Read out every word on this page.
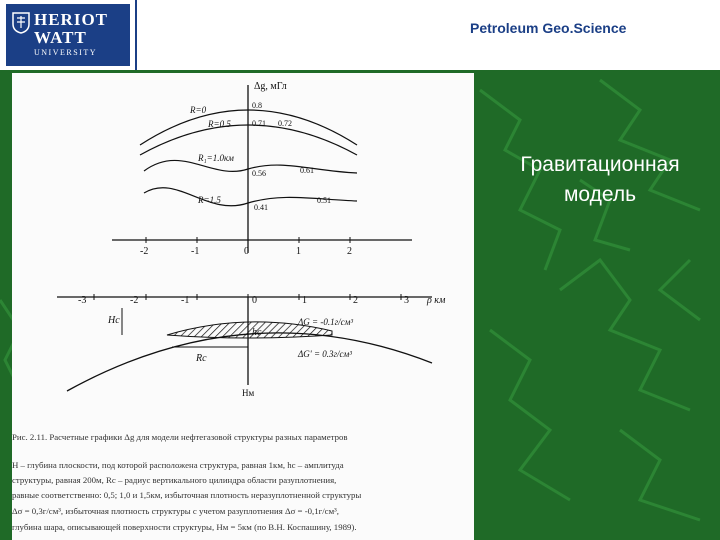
HERIOT
WATT
UNIVERSITY
Petroleum Geo.Science
Δg, мГл
R=0
R=0.5
R₁=1.0км
R=1.5
0.8
0.71 0.72
0.56	0.61
0.41
0.51
-2	-1	0	1	2
-3	-2	-1	0	1	2	3 ρ км
Hм
Hc
hc
Rc
ΔG = -0.1г/см³
ΔG' = 0.3г/см³
Рис. 2.11. Расчетные графики Δg для модели нефтегазовой структуры разных параметров
H – глубина плоскости, под которой расположена структура, равная 1км, hc – амплитуда
структуры, равная 200м, Rc – радиус вертикального цилиндра области разуплотнения,
равные соответственно: 0,5; 1,0 и 1,5км, избыточная плотность неразуплотненной структуры
Δσ = 0,3г/см³, избыточная плотность структуры с учетом разуплотнения Δσ = -0,1г/см³,
глубина шара, описывающей поверхности структуры, Hм = 5км (по В.Н. Коспашину, 1989).
Гравитационная
модель
